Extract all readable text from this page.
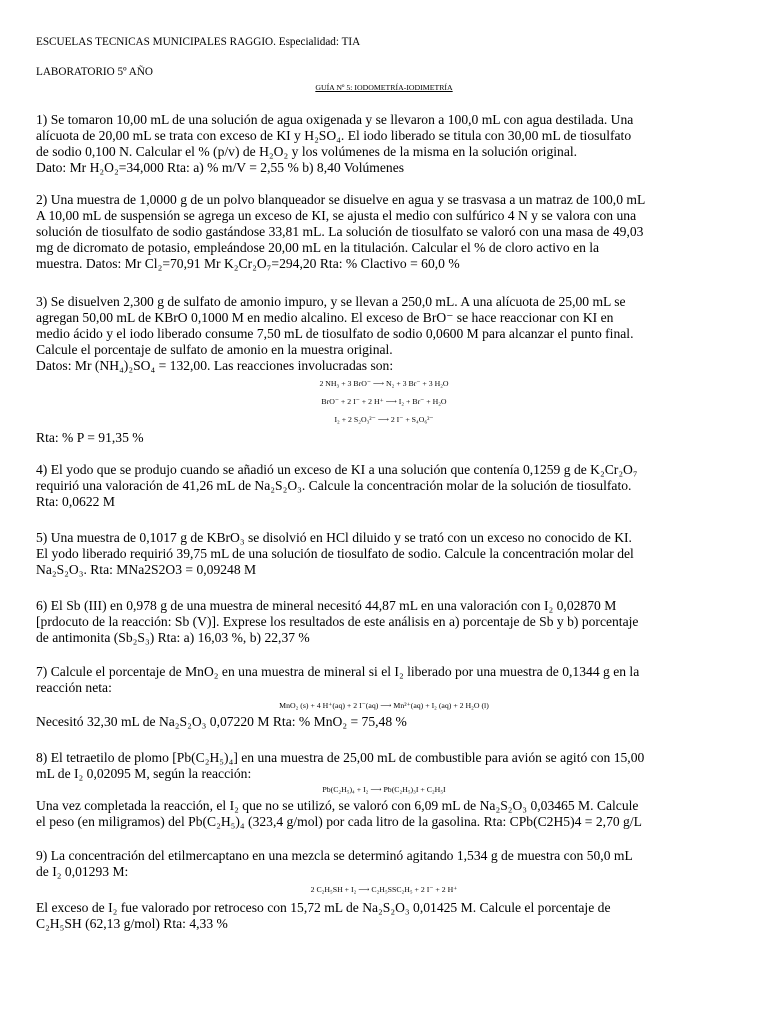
ESCUELAS TECNICAS MUNICIPALES RAGGIO. Especialidad: TIA
LABORATORIO 5º AÑO
GUÍA Nº 5: IODOMETRÍA-IODIMETRÍA
1) Se tomaron 10,00 mL de una solución de agua oxigenada y se llevaron a 100,0 mL con agua destilada. Una
alícuota de 20,00 mL se trata con exceso de KI y H₂SO₄. El iodo liberado se titula con 30,00 mL de tiosulfato
de sodio 0,100 N. Calcular el % (p/v) de H₂O₂ y los volúmenes de la misma en la solución original.
Dato: Mr H₂O₂=34,000 Rta: a) % m/V = 2,55 % b) 8,40 Volúmenes
2) Una muestra de 1,0000 g de un polvo blanqueador se disuelve en agua y se trasvasa a un matraz de 100,0 mL
A 10,00 mL de suspensión se agrega un exceso de KI, se ajusta el medio con sulfúrico 4 N y se valora con una
solución de tiosulfato de sodio gastándose 33,81 mL. La solución de tiosulfato se valoró con una masa de 49,03
mg de dicromato de potasio, empleándose 20,00 mL en la titulación. Calcular el % de cloro activo en la
muestra. Datos: Mr Cl₂=70,91 Mr K₂Cr₂O₇=294,20 Rta: % Clactivo = 60,0 %
3) Se disuelven 2,300 g de sulfato de amonio impuro, y se llevan a 250,0 mL. A una alícuota de 25,00 mL se
agregan 50,00 mL de KBrO 0,1000 M en medio alcalino. El exceso de BrO⁻ se hace reaccionar con KI en
medio ácido y el iodo liberado consume 7,50 mL de tiosulfato de sodio 0,0600 M para alcanzar el punto final.
Calcule el porcentaje de sulfato de amonio en la muestra original.
Datos: Mr (NH₄)₂SO₄ = 132,00. Las reacciones involucradas son:
2 NH₃ + 3 BrO⁻ ⟶ N₂ + 3 Br⁻ + 3 H₂O
BrO⁻ + 2 I⁻ + 2 H⁺ ⟶ I₂ + Br⁻ + H₂O
I₂ + 2 S₂O₃²⁻ ⟶ 2 I⁻ + S₄O₆²⁻
Rta: % P = 91,35 %
4) El yodo que se produjo cuando se añadió un exceso de KI a una solución que contenía 0,1259 g de K₂Cr₂O₇
requirió una valoración de 41,26 mL de Na₂S₂O₃. Calcule la concentración molar de la solución de tiosulfato.
Rta: 0,0622 M
5) Una muestra de 0,1017 g de KBrO₃ se disolvió en HCl diluido y se trató con un exceso no conocido de KI.
El yodo liberado requirió 39,75 mL de una solución de tiosulfato de sodio. Calcule la concentración molar del
Na₂S₂O₃. Rta: MNa2S2O3 = 0,09248 M
6) El Sb (III) en 0,978 g de una muestra de mineral necesitó 44,87 mL en una valoración con I₂ 0,02870 M
[prdocuto de la reacción: Sb (V)]. Exprese los resultados de este análisis en a) porcentaje de Sb y b) porcentaje
de antimonita (Sb₂S₃) Rta: a) 16,03 %, b) 22,37 %
7) Calcule el porcentaje de MnO₂ en una muestra de mineral si el I₂ liberado por una muestra de 0,1344 g en la
reacción neta:
MnO₂ (s) + 4 H⁺(aq) + 2 I⁻(aq) ⟶ Mn²⁺(aq) + I₂ (aq) + 2 H₂O (l)
Necesitó 32,30 mL de Na₂S₂O₃ 0,07220 M Rta: % MnO₂ = 75,48 %
8) El tetraetilo de plomo [Pb(C₂H₅)₄] en una muestra de 25,00 mL de combustible para avión se agitó con 15,00
mL de I₂ 0,02095 M, según la reacción:
Pb(C₂H₅)₄ + I₂ ⟶ Pb(C₂H₅)₃I + C₂H₅I
Una vez completada la reacción, el I₂ que no se utilizó, se valoró con 6,09 mL de Na₂S₂O₃ 0,03465 M. Calcule
el peso (en miligramos) del Pb(C₂H₅)₄ (323,4 g/mol) por cada litro de la gasolina. Rta: CPb(C2H5)4 = 2,70 g/L
9) La concentración del etilmercaptano en una mezcla se determinó agitando 1,534 g de muestra con 50,0 mL
de I₂ 0,01293 M:
2 C₂H₅SH + I₂ ⟶ C₂H₅SSC₂H₅ + 2 I⁻ + 2 H⁺
El exceso de I₂ fue valorado por retroceso con 15,72 mL de Na₂S₂O₃ 0,01425 M. Calcule el porcentaje de
C₂H₅SH (62,13 g/mol) Rta: 4,33 %
